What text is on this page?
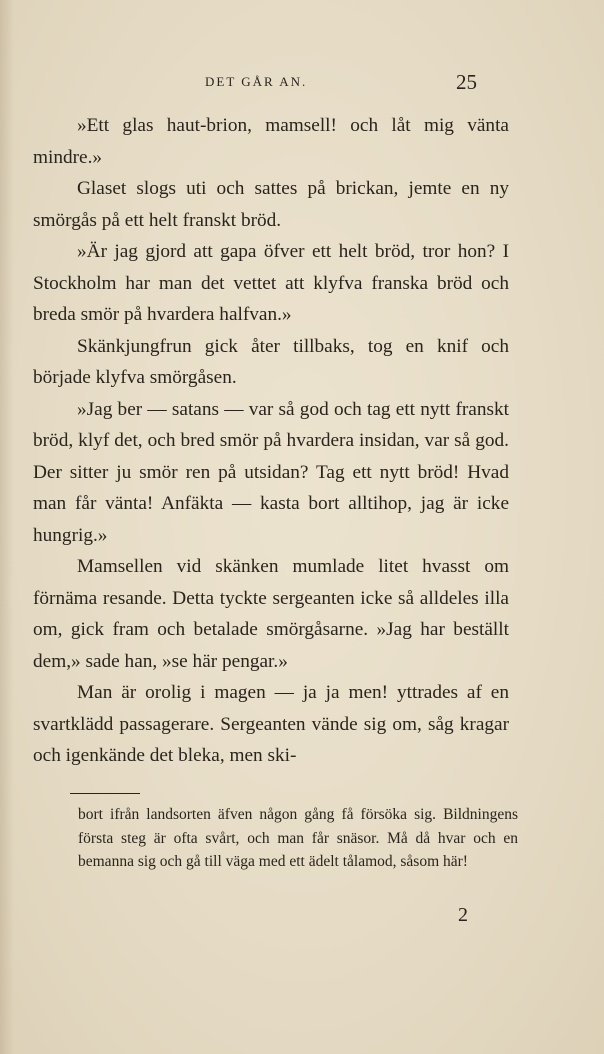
DET GÅR AN.	25

»Ett glas haut-brion, mamsell! och låt mig vänta mindre.»

Glaset slogs uti och sattes på brickan, jemte en ny smörgås på ett helt franskt bröd.

»Är jag gjord att gapa öfver ett helt bröd, tror hon? I Stockholm har man det vettet att klyfva franska bröd och breda smör på hvardera halfvan.»

Skänkjungfrun gick åter tillbaks, tog en knif och började klyfva smörgåsen.

»Jag ber — satans — var så god och tag ett nytt franskt bröd, klyf det, och bred smör på hvardera insidan, var så god. Der sitter ju smör ren på utsidan? Tag ett nytt bröd! Hvad man får vänta! Anfäkta — kasta bort alltihop, jag är icke hungrig.»

Mamsellen vid skänken mumlade litet hvasst om förnäma resande. Detta tyckte sergeanten icke så alldeles illa om, gick fram och betalade smörgåsarne. »Jag har beställt dem,» sade han, »se här pengar.»

Man är orolig i magen — ja ja men! yttrades af en svartklädd passagerare. Sergeanten vände sig om, såg kragar och igenkände det bleka, men ski-

bort ifrån landsorten äfven någon gång få försöka sig. Bildningens första steg är ofta svårt, och man får snäsor. Må då hvar och en bemanna sig och gå till väga med ett ädelt tålamod, såsom här!

2
